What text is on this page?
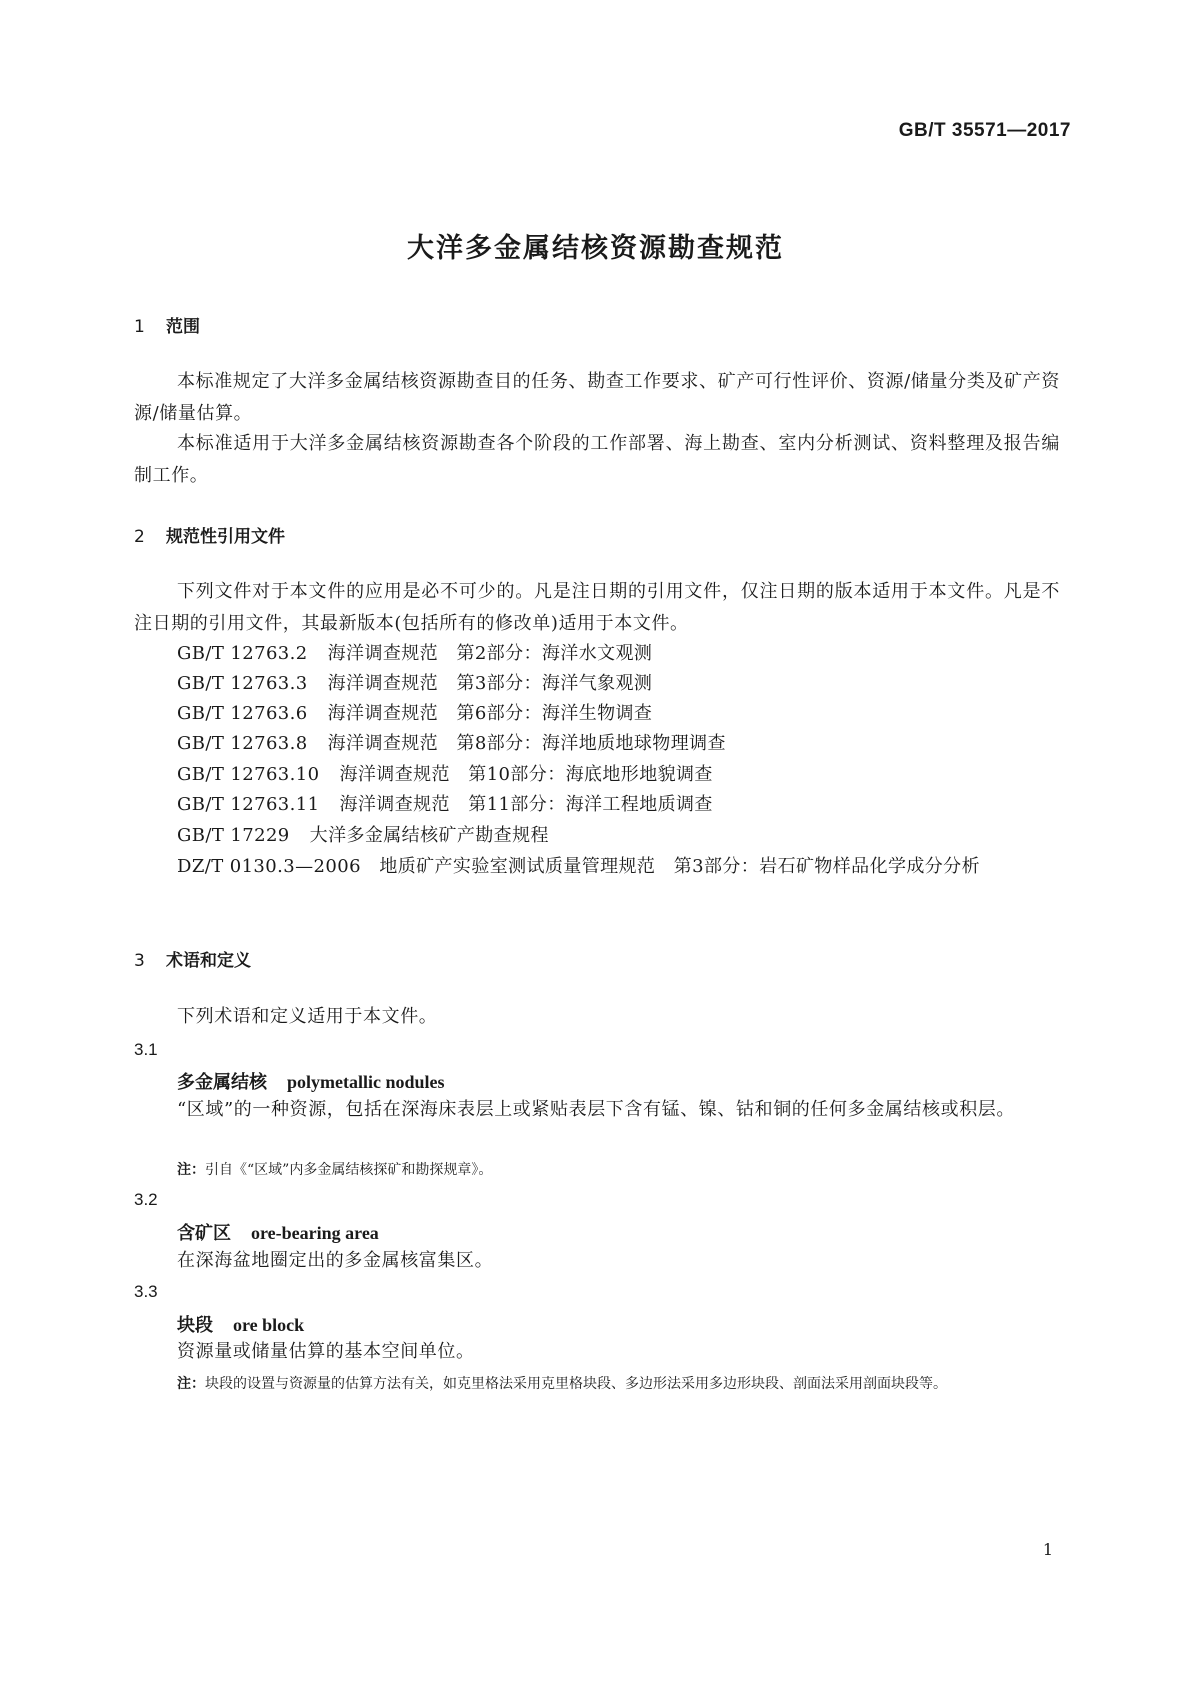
GB/T 35571—2017
大洋多金属结核资源勘查规范
1 范围
本标准规定了大洋多金属结核资源勘查目的任务、勘查工作要求、矿产可行性评价、资源/储量分类及矿产资源/储量估算。
本标准适用于大洋多金属结核资源勘查各个阶段的工作部署、海上勘查、室内分析测试、资料整理及报告编制工作。
2 规范性引用文件
下列文件对于本文件的应用是必不可少的。凡是注日期的引用文件，仅注日期的版本适用于本文件。凡是不注日期的引用文件，其最新版本(包括所有的修改单)适用于本文件。
GB/T 12763.2 海洋调查规范　第2部分：海洋水文观测
GB/T 12763.3 海洋调查规范　第3部分：海洋气象观测
GB/T 12763.6 海洋调查规范　第6部分：海洋生物调查
GB/T 12763.8 海洋调查规范　第8部分：海洋地质地球物理调查
GB/T 12763.10 海洋调查规范　第10部分：海底地形地貌调查
GB/T 12763.11 海洋调查规范　第11部分：海洋工程地质调查
GB/T 17229 大洋多金属结核矿产勘查规程
DZ/T 0130.3—2006　地质矿产实验室测试质量管理规范　第3部分：岩石矿物样品化学成分分析
3 术语和定义
下列术语和定义适用于本文件。
3.1
多金属结核 polymetallic nodules
“区域”的一种资源，包括在深海床表层上或紧贴表层下含有锰、镍、钴和铜的任何多金属结核或积层。
注：引自《“区域”内多金属结核探矿和勘探规章》。
3.2
含矿区 ore-bearing area
在深海盆地圈定出的多金属核富集区。
3.3
块段 ore block
资源量或储量估算的基本空间单位。
注：块段的设置与资源量的估算方法有关，如克里格法采用克里格块段、多边形法采用多边形块段、剖面法采用剖面块段等。
1
